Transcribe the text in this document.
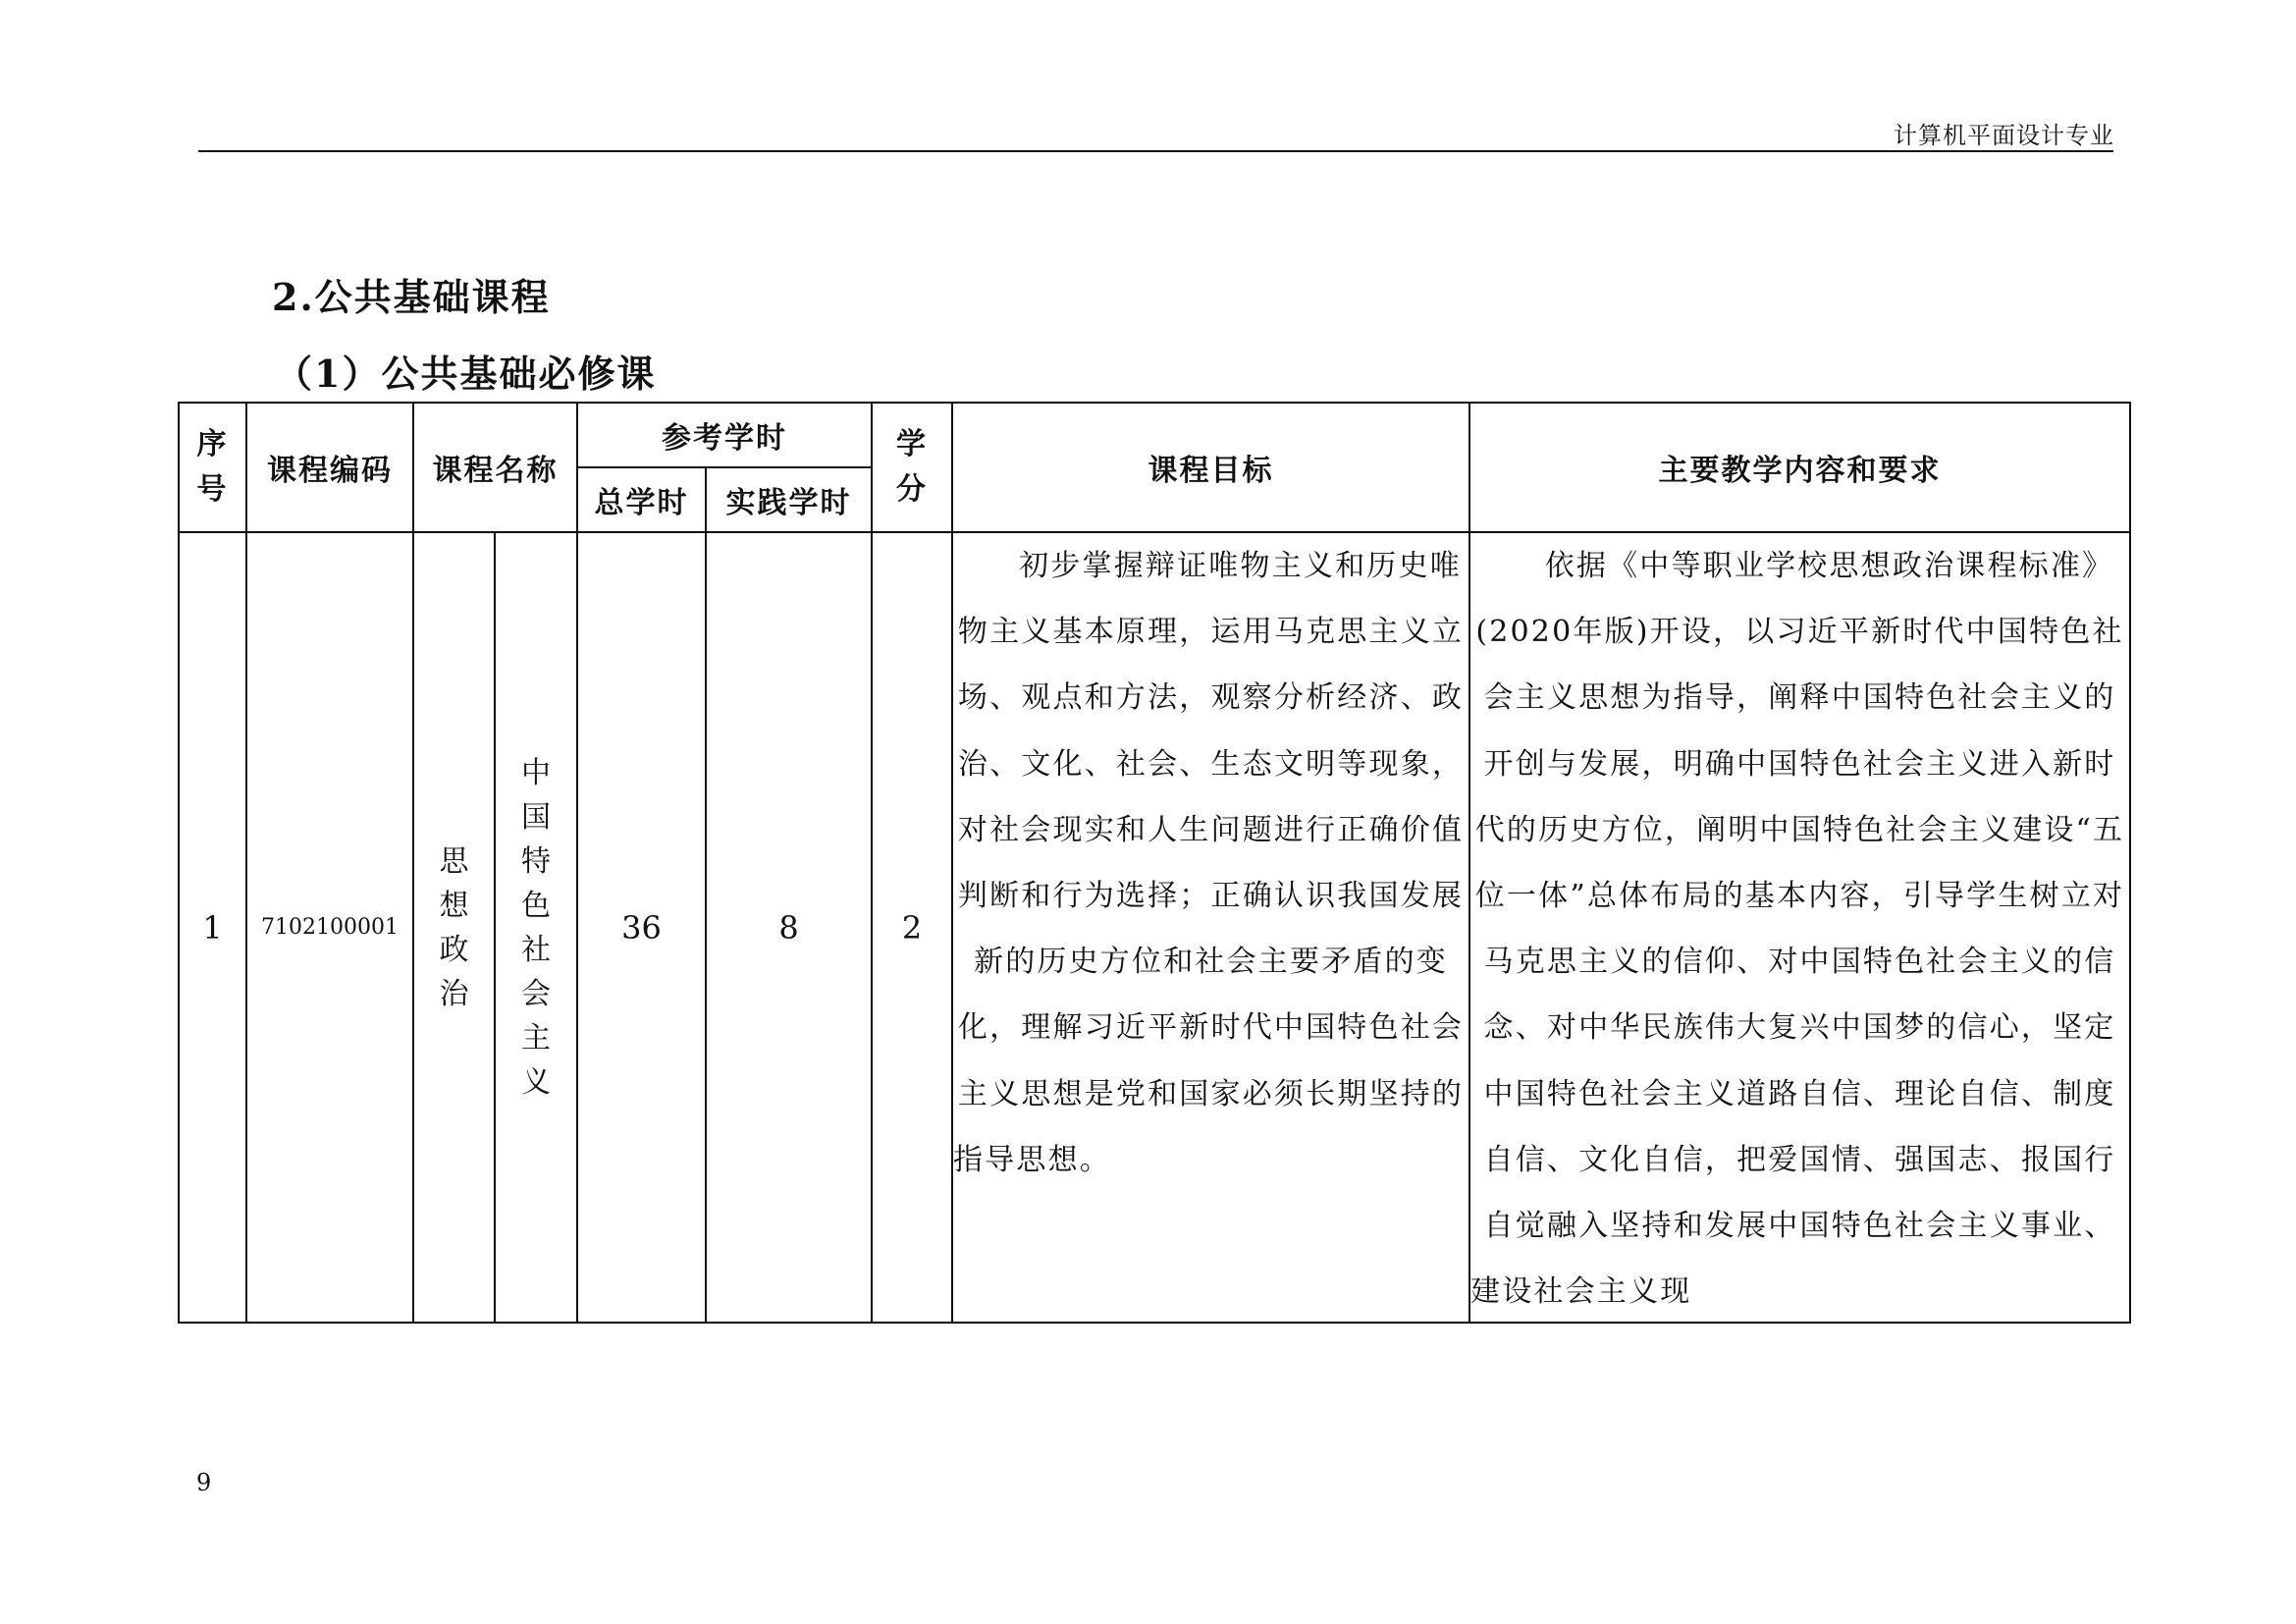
计算机平面设计专业
2.公共基础课程
（1）公共基础必修课
序号	课程编码	课程名称		参考学时		学分	课程目标	主要教学内容和要求
				总学时	实践学时			
1	7102100001	思想政治	中国特色社会主义	36	8	2	初步掌握辩证唯物主义和历史唯物主义基本原理，运用马克思主义立场、观点和方法，观察分析经济、政治、文化、社会、生态文明等现象，对社会现实和人生问题进行正确价值判断和行为选择；正确认识我国发展新的历史方位和社会主要矛盾的变化，理解习近平新时代中国特色社会主义思想是党和国家必须长期坚持的指导思想。	依据《中等职业学校思想政治课程标准》(2020年版)开设，以习近平新时代中国特色社会主义思想为指导，阐释中国特色社会主义的开创与发展，明确中国特色社会主义进入新时代的历史方位，阐明中国特色社会主义建设“五位一体”总体布局的基本内容，引导学生树立对马克思主义的信仰、对中国特色社会主义的信念、对中华民族伟大复兴中国梦的信心，坚定中国特色社会主义道路自信、理论自信、制度自信、文化自信，把爱国情、强国志、报国行自觉融入坚持和发展中国特色社会主义事业、建设社会主义现
9
